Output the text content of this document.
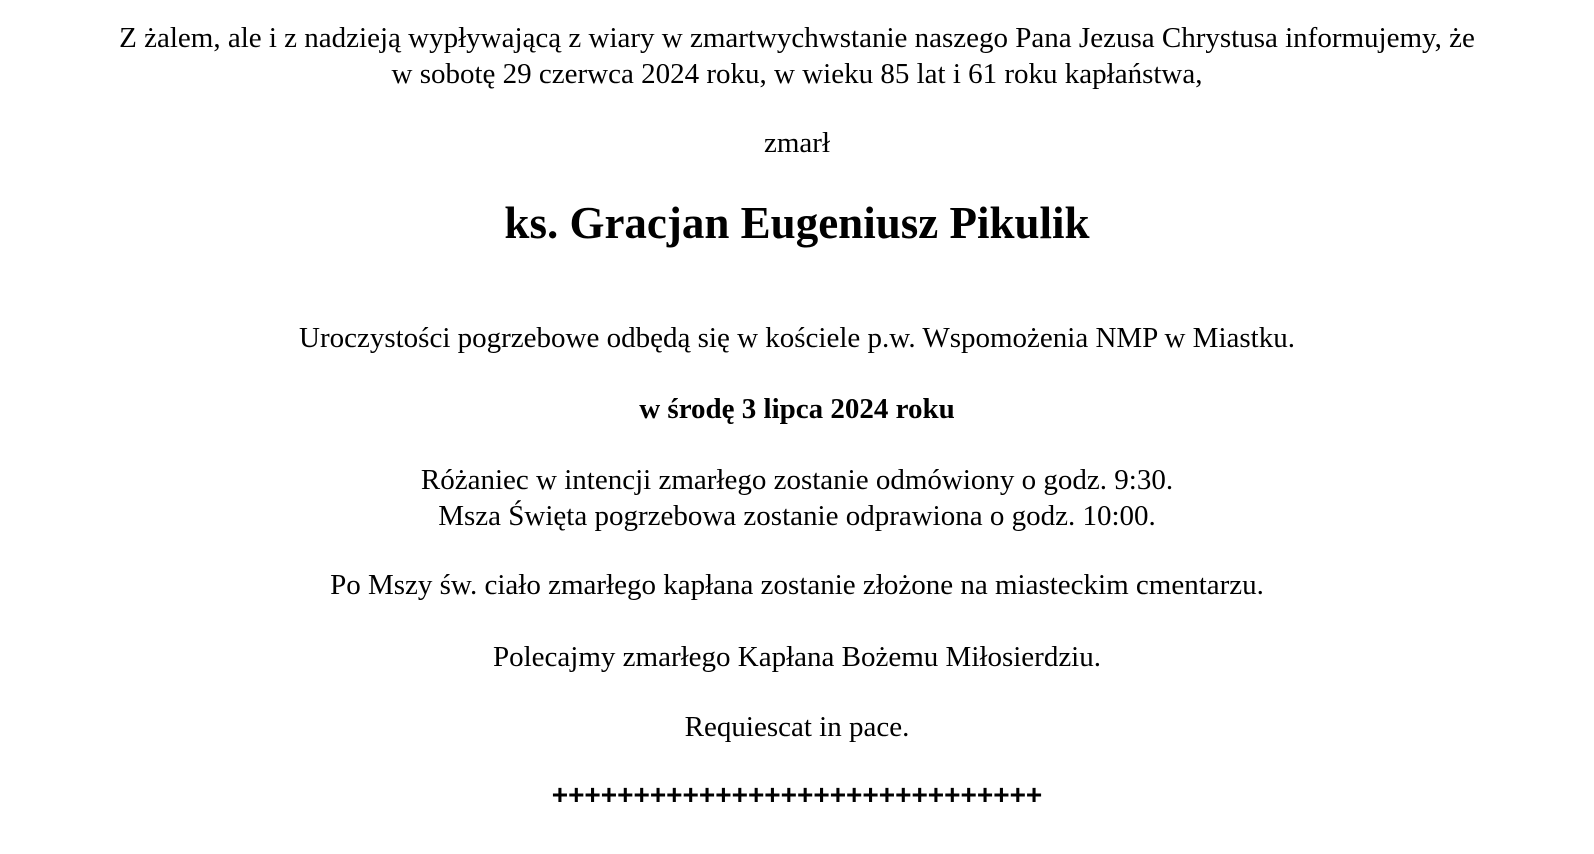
Z żalem, ale i z nadzieją wypływającą z wiary w zmartwychwstanie naszego Pana Jezusa Chrystusa informujemy, że
w sobotę 29 czerwca 2024 roku, w wieku 85 lat i 61 roku kapłaństwa,
zmarł
ks. Gracjan Eugeniusz Pikulik
Uroczystości pogrzebowe odbędą się w kościele p.w. Wspomożenia NMP w Miastku.
w środę 3 lipca 2024 roku
Różaniec w intencji zmarłego zostanie odmówiony o godz. 9:30.
Msza Święta pogrzebowa zostanie odprawiona o godz. 10:00.
Po Mszy św. ciało zmarłego kapłana zostanie złożone na miasteckim cmentarzu.
Polecajmy zmarłego Kapłana Bożemu Miłosierdziu.
Requiescat in pace.
++++++++++++++++++++++++++++++
